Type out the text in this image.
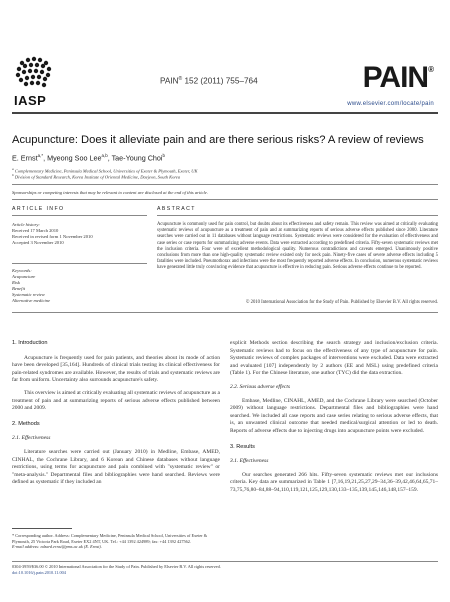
IASP
PAIN® 152 (2011) 755–764	PAIN®
www.elsevier.com/locate/pain
Acupuncture: Does it alleviate pain and are there serious risks? A review of reviews
E. Ernst$^{a,*}$, Myeong Soo Lee$^{a,b}$, Tae-Young Choi$^b$
$^a$ Complementary Medicine, Peninsula Medical School, Universities of Exeter & Plymouth, Exeter, UK
$^b$ Division of Standard Research, Korea Institute of Oriental Medicine, Daejeon, South Korea
Sponsorships or competing interests that may be relevant to content are disclosed at the end of this article.
ARTICLE INFO
Article history:
Received 17 March 2010
Received in revised form 1 November 2010
Accepted 3 November 2010
Keywords:
Acupuncture
Risk
Benefit
Systematic review
Alternative medicine
ABSTRACT
Acupuncture is commonly used for pain control, but doubts about its effectiveness and safety remain. This review was aimed at critically evaluating systematic reviews of acupuncture as a treatment of pain and at summarizing reports of serious adverse effects published since 2000. Literature searches were carried out in 11 databases without language restrictions. Systematic reviews were considered for the evaluation of effectiveness and case series or case reports for summarizing adverse events. Data were extracted according to predefined criteria. Fifty-seven systematic reviews met the inclusion criteria. Four were of excellent methodological quality. Numerous contradictions and caveats emerged. Unanimously positive conclusions from more than one high-quality systematic review existed only for neck pain. Ninety-five cases of severe adverse effects including 5 fatalities were included. Pneumothorax and infections were the most frequently reported adverse effects. In conclusion, numerous systematic reviews have generated little truly convincing evidence that acupuncture is effective in reducing pain. Serious adverse effects continue to be reported.
© 2010 International Association for the Study of Pain. Published by Elsevier B.V. All rights reserved.
1. Introduction

Acupuncture is frequently used for pain patients, and theories about its mode of action have been developed [35,164]. Hundreds of clinical trials testing its clinical effectiveness for pain-related syndromes are available. However, the results of trials and systematic reviews are far from uniform. Uncertainty also surrounds acupuncture's safety.

This overview is aimed at critically evaluating all systematic reviews of acupuncture as a treatment of pain and at summarizing reports of serious adverse effects published between 2000 and 2009.

2. Methods
2.1. Effectiveness

Literature searches were carried out (January 2010) in Medline, Embase, AMED, CINHAL, the Cochrane Library, and 6 Korean and Chinese databases without language restrictions, using terms for acupuncture and pain combined with "systematic review" or "meta-analysis." Departmental files and bibliographies were hand searched. Reviews were defined as systematic if they included an

explicit Methods section describing the search strategy and inclusion/exclusion criteria. Systematic reviews had to focus on the effectiveness of any type of acupuncture for pain. Systematic reviews of complex packages of interventions were excluded. Data were extracted and evaluated [107] independently by 2 authors (EE and MSL) using predefined criteria (Table 1). For the Chinese literature, one author (TYC) did the data extraction.

2.2. Serious adverse effects

Embase, Medline, CINAHL, AMED, and the Cochrane Library were searched (October 2009) without language restrictions. Departmental files and bibliographies were hand searched. We included all case reports and case series relating to serious adverse effects, that is, an unwanted clinical outcome that needed medical/surgical attention or led to death. Reports of adverse effects due to injecting drugs into acupuncture points were excluded.

3. Results
3.1. Effectiveness

Our searches generated 266 hits. Fifty-seven systematic reviews met our inclusions criteria. Key data are summarized in Table 1 [7,16,19,21,25,27,29–34,36–39,42,46,64,65,71–73,75,76,80–84,88–94,110,119,121,125,129,130,133–135,139,145,146,148,157–159.

* Corresponding author. Address: Complementary Medicine, Peninsula Medical School, Universities of Exeter & Plymouth, 25 Victoria Park Road, Exeter EX2 4NT, UK. Tel.: +44 1392 424989; fax: +44 1392 427562.
E-mail address: edzard.ernst@pms.ac.uk (E. Ernst).
0304-3959/$36.00 © 2010 International Association for the Study of Pain. Published by Elsevier B.V. All rights reserved.
doi:10.1016/j.pain.2010.11.004
